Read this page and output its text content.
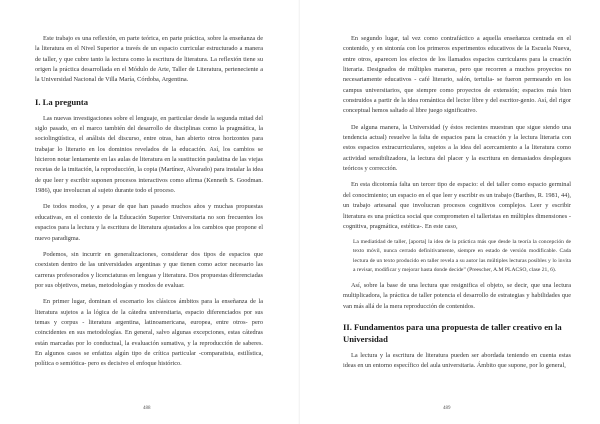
Este trabajo es una reflexión, en parte teórica, en parte práctica, sobre la enseñanza de la literatura en el Nivel Superior a través de un espacio curricular estructurado a manera de taller, y que cubre tanto la lectura como la escritura de literatura. La reflexión tiene su origen la práctica desarrollada en el Módulo de Arte, Taller de Literatura, perteneciente a la Universidad Nacional de Villa María, Córdoba, Argentina.

I. La pregunta

Las nuevas investigaciones sobre el lenguaje, en particular desde la segunda mitad del siglo pasado, en el marco también del desarrollo de disciplinas como la pragmática, la sociolingüística, el análisis del discurso, entre otras, han abierto otros horizontes para trabajar lo literario en los dominios revelados de la educación. Así, los cambios se hicieron notar lentamente en las aulas de literatura en la sustitución paulatina de las viejas recetas de la imitación, la reproducción, la copia (Martínez, Alvarado) para instalar la idea de que leer y escribir suponen procesos interactivos como afirma (Kenneth S. Goodman. 1986), que involucran al sujeto durante todo el proceso.

De todos modos, y a pesar de que han pasado muchos años y muchas propuestas educativas, en el contexto de la Educación Superior Universitaria no son frecuentes los espacios para la lectura y la escritura de literatura ajustados a los cambios que propone el nuevo paradigma.

Podemos, sin incurrir en generalizaciones, considerar dos tipos de espacios que coexisten dentro de las universidades argentinas y que tienen como actor necesario las carreras profesorados y licenciaturas en lenguas y literatura. Dos propuestas diferenciadas por sus objetivos, metas, metodologías y modos de evaluar.

En primer lugar, dominan el escenario los clásicos ámbitos para la enseñanza de la literatura sujetos a la lógica de la cátedra universitaria, espacio diferenciados por sus temas y corpus - literatura argentina, latinoamericana, europea, entre otros- pero coincidentes en sus metodologías. En general, salvo algunas excepciones, estas cátedras están marcadas por lo conductual, la evaluación sumativa, y la reproducción de saberes. En algunos casos se enfatiza algún tipo de crítica particular -comparatista, estilística, política o semiótica- pero es decisivo el enfoque histórico.

488

En segundo lugar, tal vez como contrafáctico a aquella enseñanza centrada en el contenido, y en sintonía con los primeros experimentos educativos de la Escuela Nueva, entre otros, aparecen los efectos de los llamados espacios curriculares para la creación literaria. Designados de múltiples maneras, pero que recorren a muchos proyectos no necesariamente educativos - café literario, salón, tertulia- se fueron permeando en los campus universitarios, que siempre como proyectos de extensión; espacios más bien construidos a partir de la idea romántica del lector libre y del escritor-genio. Así, del rigor conceptual hemos saltado al libre juego significativo.

De alguna manera, la Universidad (y éstos recientes muestran que sigue siendo una tendencia actual) resuelve la falta de espacios para la creación y la lectura literaria con estos espacios extracurriculares, sujetos a la idea del acercamiento a la literatura como actividad sensibilizadora, la lectura del placer y la escritura en demasiados desplegues teóricos y corrección.

En esta dicotomía falta un tercer tipo de espacio: el del taller como espacio germinal del conocimiento; un espacio en el que leer y escribir es un trabajo (Barthes, R. 1981, 44), un trabajo artesanal que involucran procesos cognitivos complejos. Leer y escribir literatura es una práctica social que comprometen el talleristas en múltiples dimensiones -cognitiva, pragmática, estética-. En este caso,

La mediatidad de taller, [aporta] la idea de la práctica más que desde la teoría la concepción de texto móvil, nunca cerrado definitivamente, siempre en estado de versión modificable. Cada lectura de un texto producido en taller revela a su autor las múltiples lecturas posibles y lo invita a revisar, modificar y mejorar hasta donde decide” (Preescher, A.M PLACSO, clase 21, 6).

Así, sobre la base de una lectura que resignifica el objeto, se decir, que una lectura multiplicadora, la práctica de taller potencia el desarrollo de estrategias y habilidades que van más allá de la mera reproducción de contenidos.

II. Fundamentos para una propuesta de taller creativo en la Universidad

La lectura y la escritura de literatura pueden ser abordada teniendo en cuenta estas ideas en un entorno específico del aula universitaria. Ámbito que supone, por lo general,

489
